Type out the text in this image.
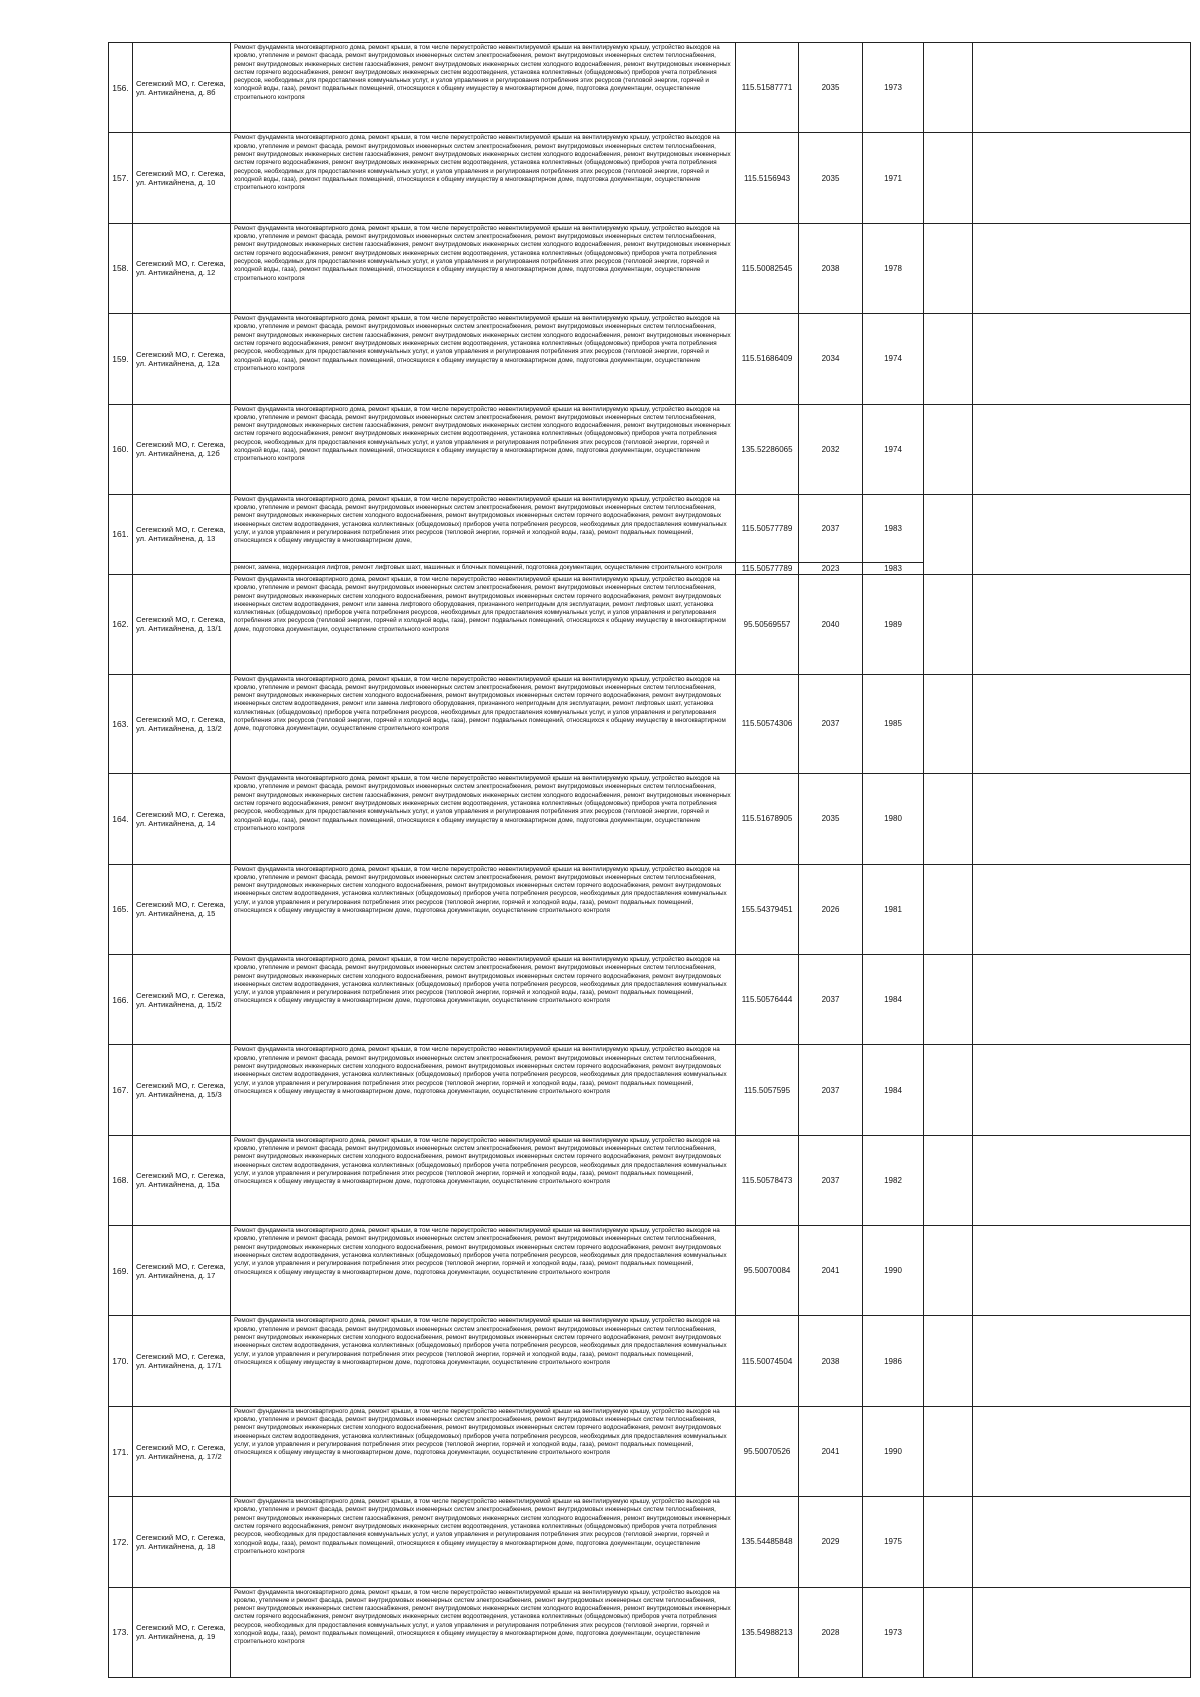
156.	Сегежский МО, г. Сегежа, ул. Антикайнена, д. 8б	Ремонт фундамента многоквартирного дома, ремонт крыши, в том числе переустройство невентилируемой крыши на вентилируемую крышу, устройство выходов на кровлю, утепление и ремонт фасада, ремонт внутридомовых инженерных систем электроснабжения, ремонт внутридомовых инженерных систем теплоснабжения, ремонт внутридомовых инженерных систем газоснабжения, ремонт внутридомовых инженерных систем холодного водоснабжения, ремонт внутридомовых инженерных систем горячего водоснабжения, ремонт внутридомовых инженерных систем водоотведения, установка коллективных (общедомовых) приборов учета потребления ресурсов, необходимых для предоставления коммунальных услуг, и узлов управления и регулирования потребления этих ресурсов (тепловой энергии, горячей и холодной воды, газа), ремонт подвальных помещений, относящихся к общему имуществу в многоквартирном доме, подготовка документации, осуществление строительного контроля	115.51587771	2035	1973		
157.	Сегежский МО, г. Сегежа, ул. Антикайнена, д. 10	Ремонт фундамента многоквартирного дома, ремонт крыши, в том числе переустройство невентилируемой крыши на вентилируемую крышу, устройство выходов на кровлю, утепление и ремонт фасада, ремонт внутридомовых инженерных систем электроснабжения, ремонт внутридомовых инженерных систем теплоснабжения, ремонт внутридомовых инженерных систем газоснабжения, ремонт внутридомовых инженерных систем холодного водоснабжения, ремонт внутридомовых инженерных систем горячего водоснабжения, ремонт внутридомовых инженерных систем водоотведения, установка коллективных (общедомовых) приборов учета потребления ресурсов, необходимых для предоставления коммунальных услуг, и узлов управления и регулирования потребления этих ресурсов (тепловой энергии, горячей и холодной воды, газа), ремонт подвальных помещений, относящихся к общему имуществу в многоквартирном доме, подготовка документации, осуществление строительного контроля	115.5156943	2035	1971		
158.	Сегежский МО, г. Сегежа, ул. Антикайнена, д. 12	Ремонт фундамента многоквартирного дома, ремонт крыши, в том числе переустройство невентилируемой крыши на вентилируемую крышу, устройство выходов на кровлю, утепление и ремонт фасада, ремонт внутридомовых инженерных систем электроснабжения, ремонт внутридомовых инженерных систем теплоснабжения, ремонт внутридомовых инженерных систем газоснабжения, ремонт внутридомовых инженерных систем холодного водоснабжения, ремонт внутридомовых инженерных систем горячего водоснабжения, ремонт внутридомовых инженерных систем водоотведения, установка коллективных (общедомовых) приборов учета потребления ресурсов, необходимых для предоставления коммунальных услуг, и узлов управления и регулирования потребления этих ресурсов (тепловой энергии, горячей и холодной воды, газа), ремонт подвальных помещений, относящихся к общему имуществу в многоквартирном доме, подготовка документации, осуществление строительного контроля	115.50082545	2038	1978		
159.	Сегежский МО, г. Сегежа, ул. Антикайнена, д. 12а	Ремонт фундамента многоквартирного дома, ремонт крыши, в том числе переустройство невентилируемой крыши на вентилируемую крышу, устройство выходов на кровлю, утепление и ремонт фасада, ремонт внутридомовых инженерных систем электроснабжения, ремонт внутридомовых инженерных систем теплоснабжения, ремонт внутридомовых инженерных систем газоснабжения, ремонт внутридомовых инженерных систем холодного водоснабжения, ремонт внутридомовых инженерных систем горячего водоснабжения, ремонт внутридомовых инженерных систем водоотведения, установка коллективных (общедомовых) приборов учета потребления ресурсов, необходимых для предоставления коммунальных услуг, и узлов управления и регулирования потребления этих ресурсов (тепловой энергии, горячей и холодной воды, газа), ремонт подвальных помещений, относящихся к общему имуществу в многоквартирном доме, подготовка документации, осуществление строительного контроля	115.51686409	2034	1974		
160.	Сегежский МО, г. Сегежа, ул. Антикайнена, д. 12б	Ремонт фундамента многоквартирного дома, ремонт крыши, в том числе переустройство невентилируемой крыши на вентилируемую крышу, устройство выходов на кровлю, утепление и ремонт фасада, ремонт внутридомовых инженерных систем электроснабжения, ремонт внутридомовых инженерных систем теплоснабжения, ремонт внутридомовых инженерных систем газоснабжения, ремонт внутридомовых инженерных систем холодного водоснабжения, ремонт внутридомовых инженерных систем горячего водоснабжения, ремонт внутридомовых инженерных систем водоотведения, установка коллективных (общедомовых) приборов учета потребления ресурсов, необходимых для предоставления коммунальных услуг, и узлов управления и регулирования потребления этих ресурсов (тепловой энергии, горячей и холодной воды, газа), ремонт подвальных помещений, относящихся к общему имуществу в многоквартирном доме, подготовка документации, осуществление строительного контроля	135.52286065	2032	1974		
161.	Сегежский МО, г. Сегежа, ул. Антикайнена, д. 13	Ремонт фундамента многоквартирного дома, ремонт крыши, в том числе переустройство невентилируемой крыши на вентилируемую крышу, устройство выходов на кровлю, утепление и ремонт фасада, ремонт внутридомовых инженерных систем электроснабжения, ремонт внутридомовых инженерных систем теплоснабжения, ремонт внутридомовых инженерных систем холодного водоснабжения, ремонт внутридомовых инженерных систем горячего водоснабжения, ремонт внутридомовых инженерных систем водоотведения, установка коллективных (общедомовых) приборов учета потребления ресурсов, необходимых для предоставления коммунальных услуг, и узлов управления и регулирования потребления этих ресурсов (тепловой энергии, горячей и холодной воды, газа), ремонт подвальных помещений, относящихся к общему имуществу в многоквартирном доме,	115.50577789	2037	1983		
		ремонт, замена, модернизация лифтов, ремонт лифтовых шахт, машинных и блочных помещений, подготовка документации, осуществление строительного контроля	115.50577789	2023	1983		
162.	Сегежский МО, г. Сегежа, ул. Антикайнена, д. 13/1	Ремонт фундамента многоквартирного дома, ремонт крыши, в том числе переустройство невентилируемой крыши на вентилируемую крышу, устройство выходов на кровлю, утепление и ремонт фасада, ремонт внутридомовых инженерных систем электроснабжения, ремонт внутридомовых инженерных систем теплоснабжения, ремонт внутридомовых инженерных систем холодного водоснабжения, ремонт внутридомовых инженерных систем горячего водоснабжения, ремонт внутридомовых инженерных систем водоотведения, ремонт или замена лифтового оборудования, признанного непригодным для эксплуатации, ремонт лифтовых шахт, установка коллективных (общедомовых) приборов учета потребления ресурсов, необходимых для предоставления коммунальных услуг, и узлов управления и регулирования потребления этих ресурсов (тепловой энергии, горячей и холодной воды, газа), ремонт подвальных помещений, относящихся к общему имуществу в многоквартирном доме, подготовка документации, осуществление строительного контроля	95.50569557	2040	1989		
163.	Сегежский МО, г. Сегежа, ул. Антикайнена, д. 13/2	Ремонт фундамента многоквартирного дома, ремонт крыши, в том числе переустройство невентилируемой крыши на вентилируемую крышу, устройство выходов на кровлю, утепление и ремонт фасада, ремонт внутридомовых инженерных систем электроснабжения, ремонт внутридомовых инженерных систем теплоснабжения, ремонт внутридомовых инженерных систем холодного водоснабжения, ремонт внутридомовых инженерных систем горячего водоснабжения, ремонт внутридомовых инженерных систем водоотведения, ремонт или замена лифтового оборудования, признанного непригодным для эксплуатации, ремонт лифтовых шахт, установка коллективных (общедомовых) приборов учета потребления ресурсов, необходимых для предоставления коммунальных услуг, и узлов управления и регулирования потребления этих ресурсов (тепловой энергии, горячей и холодной воды, газа), ремонт подвальных помещений, относящихся к общему имуществу в многоквартирном доме, подготовка документации, осуществление строительного контроля	115.50574306	2037	1985		
164.	Сегежский МО, г. Сегежа, ул. Антикайнена, д. 14	Ремонт фундамента многоквартирного дома, ремонт крыши, в том числе переустройство невентилируемой крыши на вентилируемую крышу, устройство выходов на кровлю, утепление и ремонт фасада, ремонт внутридомовых инженерных систем электроснабжения, ремонт внутридомовых инженерных систем теплоснабжения, ремонт внутридомовых инженерных систем газоснабжения, ремонт внутридомовых инженерных систем холодного водоснабжения, ремонт внутридомовых инженерных систем горячего водоснабжения, ремонт внутридомовых инженерных систем водоотведения, установка коллективных (общедомовых) приборов учета потребления ресурсов, необходимых для предоставления коммунальных услуг, и узлов управления и регулирования потребления этих ресурсов (тепловой энергии, горячей и холодной воды, газа), ремонт подвальных помещений, относящихся к общему имуществу в многоквартирном доме, подготовка документации, осуществление строительного контроля	115.51678905	2035	1980		
165.	Сегежский МО, г. Сегежа, ул. Антикайнена, д. 15	Ремонт фундамента многоквартирного дома, ремонт крыши, в том числе переустройство невентилируемой крыши на вентилируемую крышу, устройство выходов на кровлю, утепление и ремонт фасада, ремонт внутридомовых инженерных систем электроснабжения, ремонт внутридомовых инженерных систем теплоснабжения, ремонт внутридомовых инженерных систем холодного водоснабжения, ремонт внутридомовых инженерных систем горячего водоснабжения, ремонт внутридомовых инженерных систем водоотведения, установка коллективных (общедомовых) приборов учета потребления ресурсов, необходимых для предоставления коммунальных услуг, и узлов управления и регулирования потребления этих ресурсов (тепловой энергии, горячей и холодной воды, газа), ремонт подвальных помещений, относящихся к общему имуществу в многоквартирном доме, подготовка документации, осуществление строительного контроля	155.54379451	2026	1981		
166.	Сегежский МО, г. Сегежа, ул. Антикайнена, д. 15/2	Ремонт фундамента многоквартирного дома, ремонт крыши, в том числе переустройство невентилируемой крыши на вентилируемую крышу, устройство выходов на кровлю, утепление и ремонт фасада, ремонт внутридомовых инженерных систем электроснабжения, ремонт внутридомовых инженерных систем теплоснабжения, ремонт внутридомовых инженерных систем холодного водоснабжения, ремонт внутридомовых инженерных систем горячего водоснабжения, ремонт внутридомовых инженерных систем водоотведения, установка коллективных (общедомовых) приборов учета потребления ресурсов, необходимых для предоставления коммунальных услуг, и узлов управления и регулирования потребления этих ресурсов (тепловой энергии, горячей и холодной воды, газа), ремонт подвальных помещений, относящихся к общему имуществу в многоквартирном доме, подготовка документации, осуществление строительного контроля	115.50576444	2037	1984		
167.	Сегежский МО, г. Сегежа, ул. Антикайнена, д. 15/3	Ремонт фундамента многоквартирного дома, ремонт крыши, в том числе переустройство невентилируемой крыши на вентилируемую крышу, устройство выходов на кровлю, утепление и ремонт фасада, ремонт внутридомовых инженерных систем электроснабжения, ремонт внутридомовых инженерных систем теплоснабжения, ремонт внутридомовых инженерных систем холодного водоснабжения, ремонт внутридомовых инженерных систем горячего водоснабжения, ремонт внутридомовых инженерных систем водоотведения, установка коллективных (общедомовых) приборов учета потребления ресурсов, необходимых для предоставления коммунальных услуг, и узлов управления и регулирования потребления этих ресурсов (тепловой энергии, горячей и холодной воды, газа), ремонт подвальных помещений, относящихся к общему имуществу в многоквартирном доме, подготовка документации, осуществление строительного контроля	115.5057595	2037	1984		
168.	Сегежский МО, г. Сегежа, ул. Антикайнена, д. 15а	Ремонт фундамента многоквартирного дома, ремонт крыши, в том числе переустройство невентилируемой крыши на вентилируемую крышу, устройство выходов на кровлю, утепление и ремонт фасада, ремонт внутридомовых инженерных систем электроснабжения, ремонт внутридомовых инженерных систем теплоснабжения, ремонт внутридомовых инженерных систем холодного водоснабжения, ремонт внутридомовых инженерных систем горячего водоснабжения, ремонт внутридомовых инженерных систем водоотведения, установка коллективных (общедомовых) приборов учета потребления ресурсов, необходимых для предоставления коммунальных услуг, и узлов управления и регулирования потребления этих ресурсов (тепловой энергии, горячей и холодной воды, газа), ремонт подвальных помещений, относящихся к общему имуществу в многоквартирном доме, подготовка документации, осуществление строительного контроля	115.50578473	2037	1982		
169.	Сегежский МО, г. Сегежа, ул. Антикайнена, д. 17	Ремонт фундамента многоквартирного дома, ремонт крыши, в том числе переустройство невентилируемой крыши на вентилируемую крышу, устройство выходов на кровлю, утепление и ремонт фасада, ремонт внутридомовых инженерных систем электроснабжения, ремонт внутридомовых инженерных систем теплоснабжения, ремонт внутридомовых инженерных систем холодного водоснабжения, ремонт внутридомовых инженерных систем горячего водоснабжения, ремонт внутридомовых инженерных систем водоотведения, установка коллективных (общедомовых) приборов учета потребления ресурсов, необходимых для предоставления коммунальных услуг, и узлов управления и регулирования потребления этих ресурсов (тепловой энергии, горячей и холодной воды, газа), ремонт подвальных помещений, относящихся к общему имуществу в многоквартирном доме, подготовка документации, осуществление строительного контроля	95.50070084	2041	1990		
170.	Сегежский МО, г. Сегежа, ул. Антикайнена, д. 17/1	Ремонт фундамента многоквартирного дома, ремонт крыши, в том числе переустройство невентилируемой крыши на вентилируемую крышу, устройство выходов на кровлю, утепление и ремонт фасада, ремонт внутридомовых инженерных систем электроснабжения, ремонт внутридомовых инженерных систем теплоснабжения, ремонт внутридомовых инженерных систем холодного водоснабжения, ремонт внутридомовых инженерных систем горячего водоснабжения, ремонт внутридомовых инженерных систем водоотведения, установка коллективных (общедомовых) приборов учета потребления ресурсов, необходимых для предоставления коммунальных услуг, и узлов управления и регулирования потребления этих ресурсов (тепловой энергии, горячей и холодной воды, газа), ремонт подвальных помещений, относящихся к общему имуществу в многоквартирном доме, подготовка документации, осуществление строительного контроля	115.50074504	2038	1986		
171.	Сегежский МО, г. Сегежа, ул. Антикайнена, д. 17/2	Ремонт фундамента многоквартирного дома, ремонт крыши, в том числе переустройство невентилируемой крыши на вентилируемую крышу, устройство выходов на кровлю, утепление и ремонт фасада, ремонт внутридомовых инженерных систем электроснабжения, ремонт внутридомовых инженерных систем теплоснабжения, ремонт внутридомовых инженерных систем холодного водоснабжения, ремонт внутридомовых инженерных систем горячего водоснабжения, ремонт внутридомовых инженерных систем водоотведения, установка коллективных (общедомовых) приборов учета потребления ресурсов, необходимых для предоставления коммунальных услуг, и узлов управления и регулирования потребления этих ресурсов (тепловой энергии, горячей и холодной воды, газа), ремонт подвальных помещений, относящихся к общему имуществу в многоквартирном доме, подготовка документации, осуществление строительного контроля	95.50070526	2041	1990		
172.	Сегежский МО, г. Сегежа, ул. Антикайнена, д. 18	Ремонт фундамента многоквартирного дома, ремонт крыши, в том числе переустройство невентилируемой крыши на вентилируемую крышу, устройство выходов на кровлю, утепление и ремонт фасада, ремонт внутридомовых инженерных систем электроснабжения, ремонт внутридомовых инженерных систем теплоснабжения, ремонт внутридомовых инженерных систем газоснабжения, ремонт внутридомовых инженерных систем холодного водоснабжения, ремонт внутридомовых инженерных систем горячего водоснабжения, ремонт внутридомовых инженерных систем водоотведения, установка коллективных (общедомовых) приборов учета потребления ресурсов, необходимых для предоставления коммунальных услуг, и узлов управления и регулирования потребления этих ресурсов (тепловой энергии, горячей и холодной воды, газа), ремонт подвальных помещений, относящихся к общему имуществу в многоквартирном доме, подготовка документации, осуществление строительного контроля	135.54485848	2029	1975		
173.	Сегежский МО, г. Сегежа, ул. Антикайнена, д. 19	Ремонт фундамента многоквартирного дома, ремонт крыши, в том числе переустройство невентилируемой крыши на вентилируемую крышу, устройство выходов на кровлю, утепление и ремонт фасада, ремонт внутридомовых инженерных систем электроснабжения, ремонт внутридомовых инженерных систем теплоснабжения, ремонт внутридомовых инженерных систем газоснабжения, ремонт внутридомовых инженерных систем холодного водоснабжения, ремонт внутридомовых инженерных систем горячего водоснабжения, ремонт внутридомовых инженерных систем водоотведения, установка коллективных (общедомовых) приборов учета потребления ресурсов, необходимых для предоставления коммунальных услуг, и узлов управления и регулирования потребления этих ресурсов (тепловой энергии, горячей и холодной воды, газа), ремонт подвальных помещений, относящихся к общему имуществу в многоквартирном доме, подготовка документации, осуществление строительного контроля	135.54988213	2028	1973		
